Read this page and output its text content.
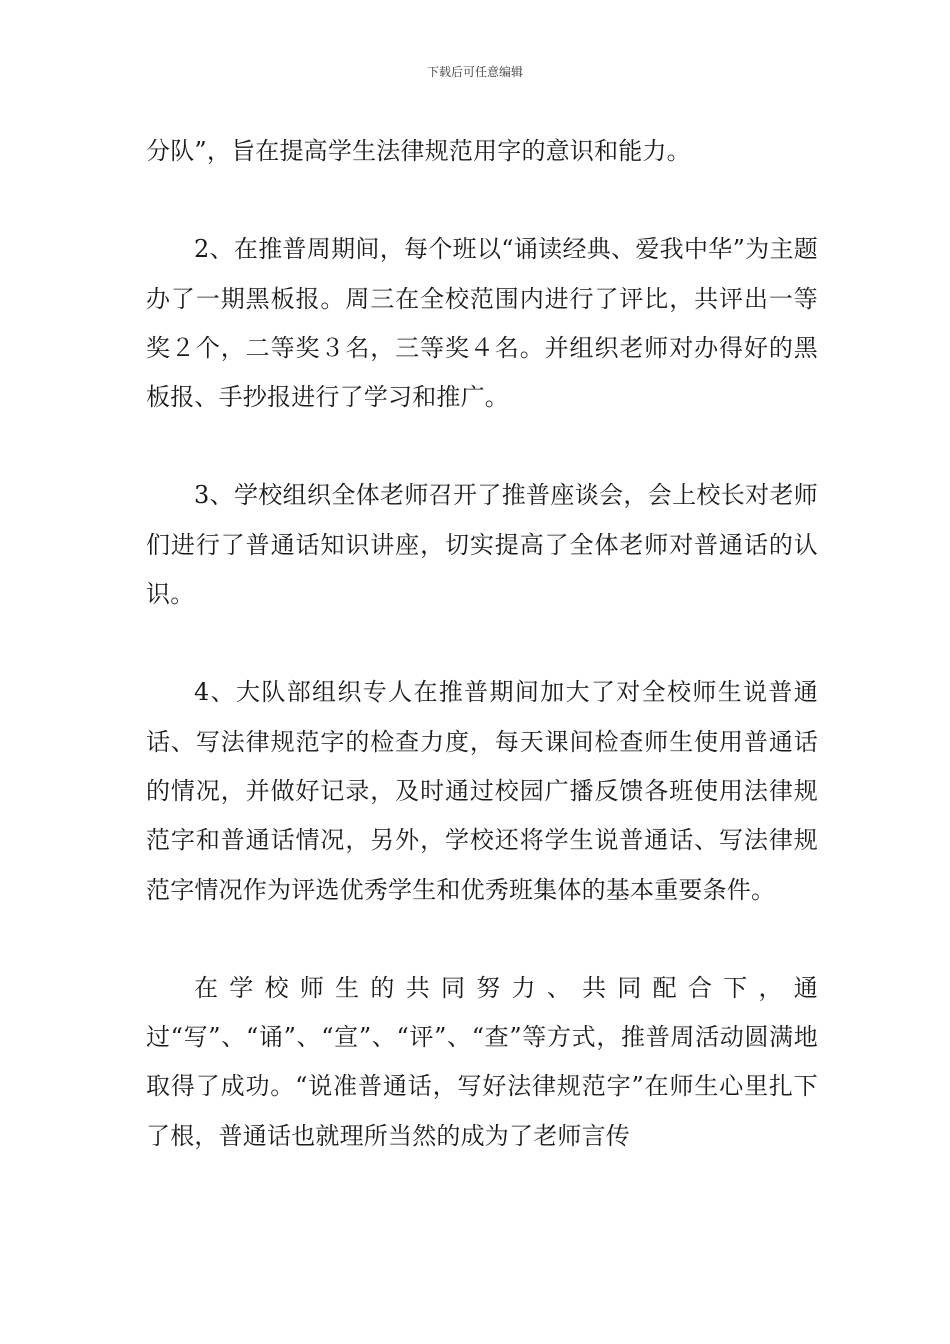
下载后可任意编辑

分队”，旨在提高学生法律规范用字的意识和能力。

2、在推普周期间，每个班以“诵读经典、爱我中华”为主题办了一期黑板报。周三在全校范围内进行了评比，共评出一等奖２个，二等奖３名，三等奖４名。并组织老师对办得好的黑板报、手抄报进行了学习和推广。

3、学校组织全体老师召开了推普座谈会，会上校长对老师们进行了普通话知识讲座，切实提高了全体老师对普通话的认识。

4、大队部组织专人在推普期间加大了对全校师生说普通话、写法律规范字的检查力度，每天课间检查师生使用普通话的情况，并做好记录，及时通过校园广播反馈各班使用法律规范字和普通话情况，另外，学校还将学生说普通话、写法律规范字情况作为评选优秀学生和优秀班集体的基本重要条件。

在学校师生的共同努力、共同配合下，通过“写”、“诵”、“宣”、“评”、“查”等方式，推普周活动圆满地取得了成功。“说准普通话，写好法律规范字”在师生心里扎下了根，普通话也就理所当然的成为了老师言传
